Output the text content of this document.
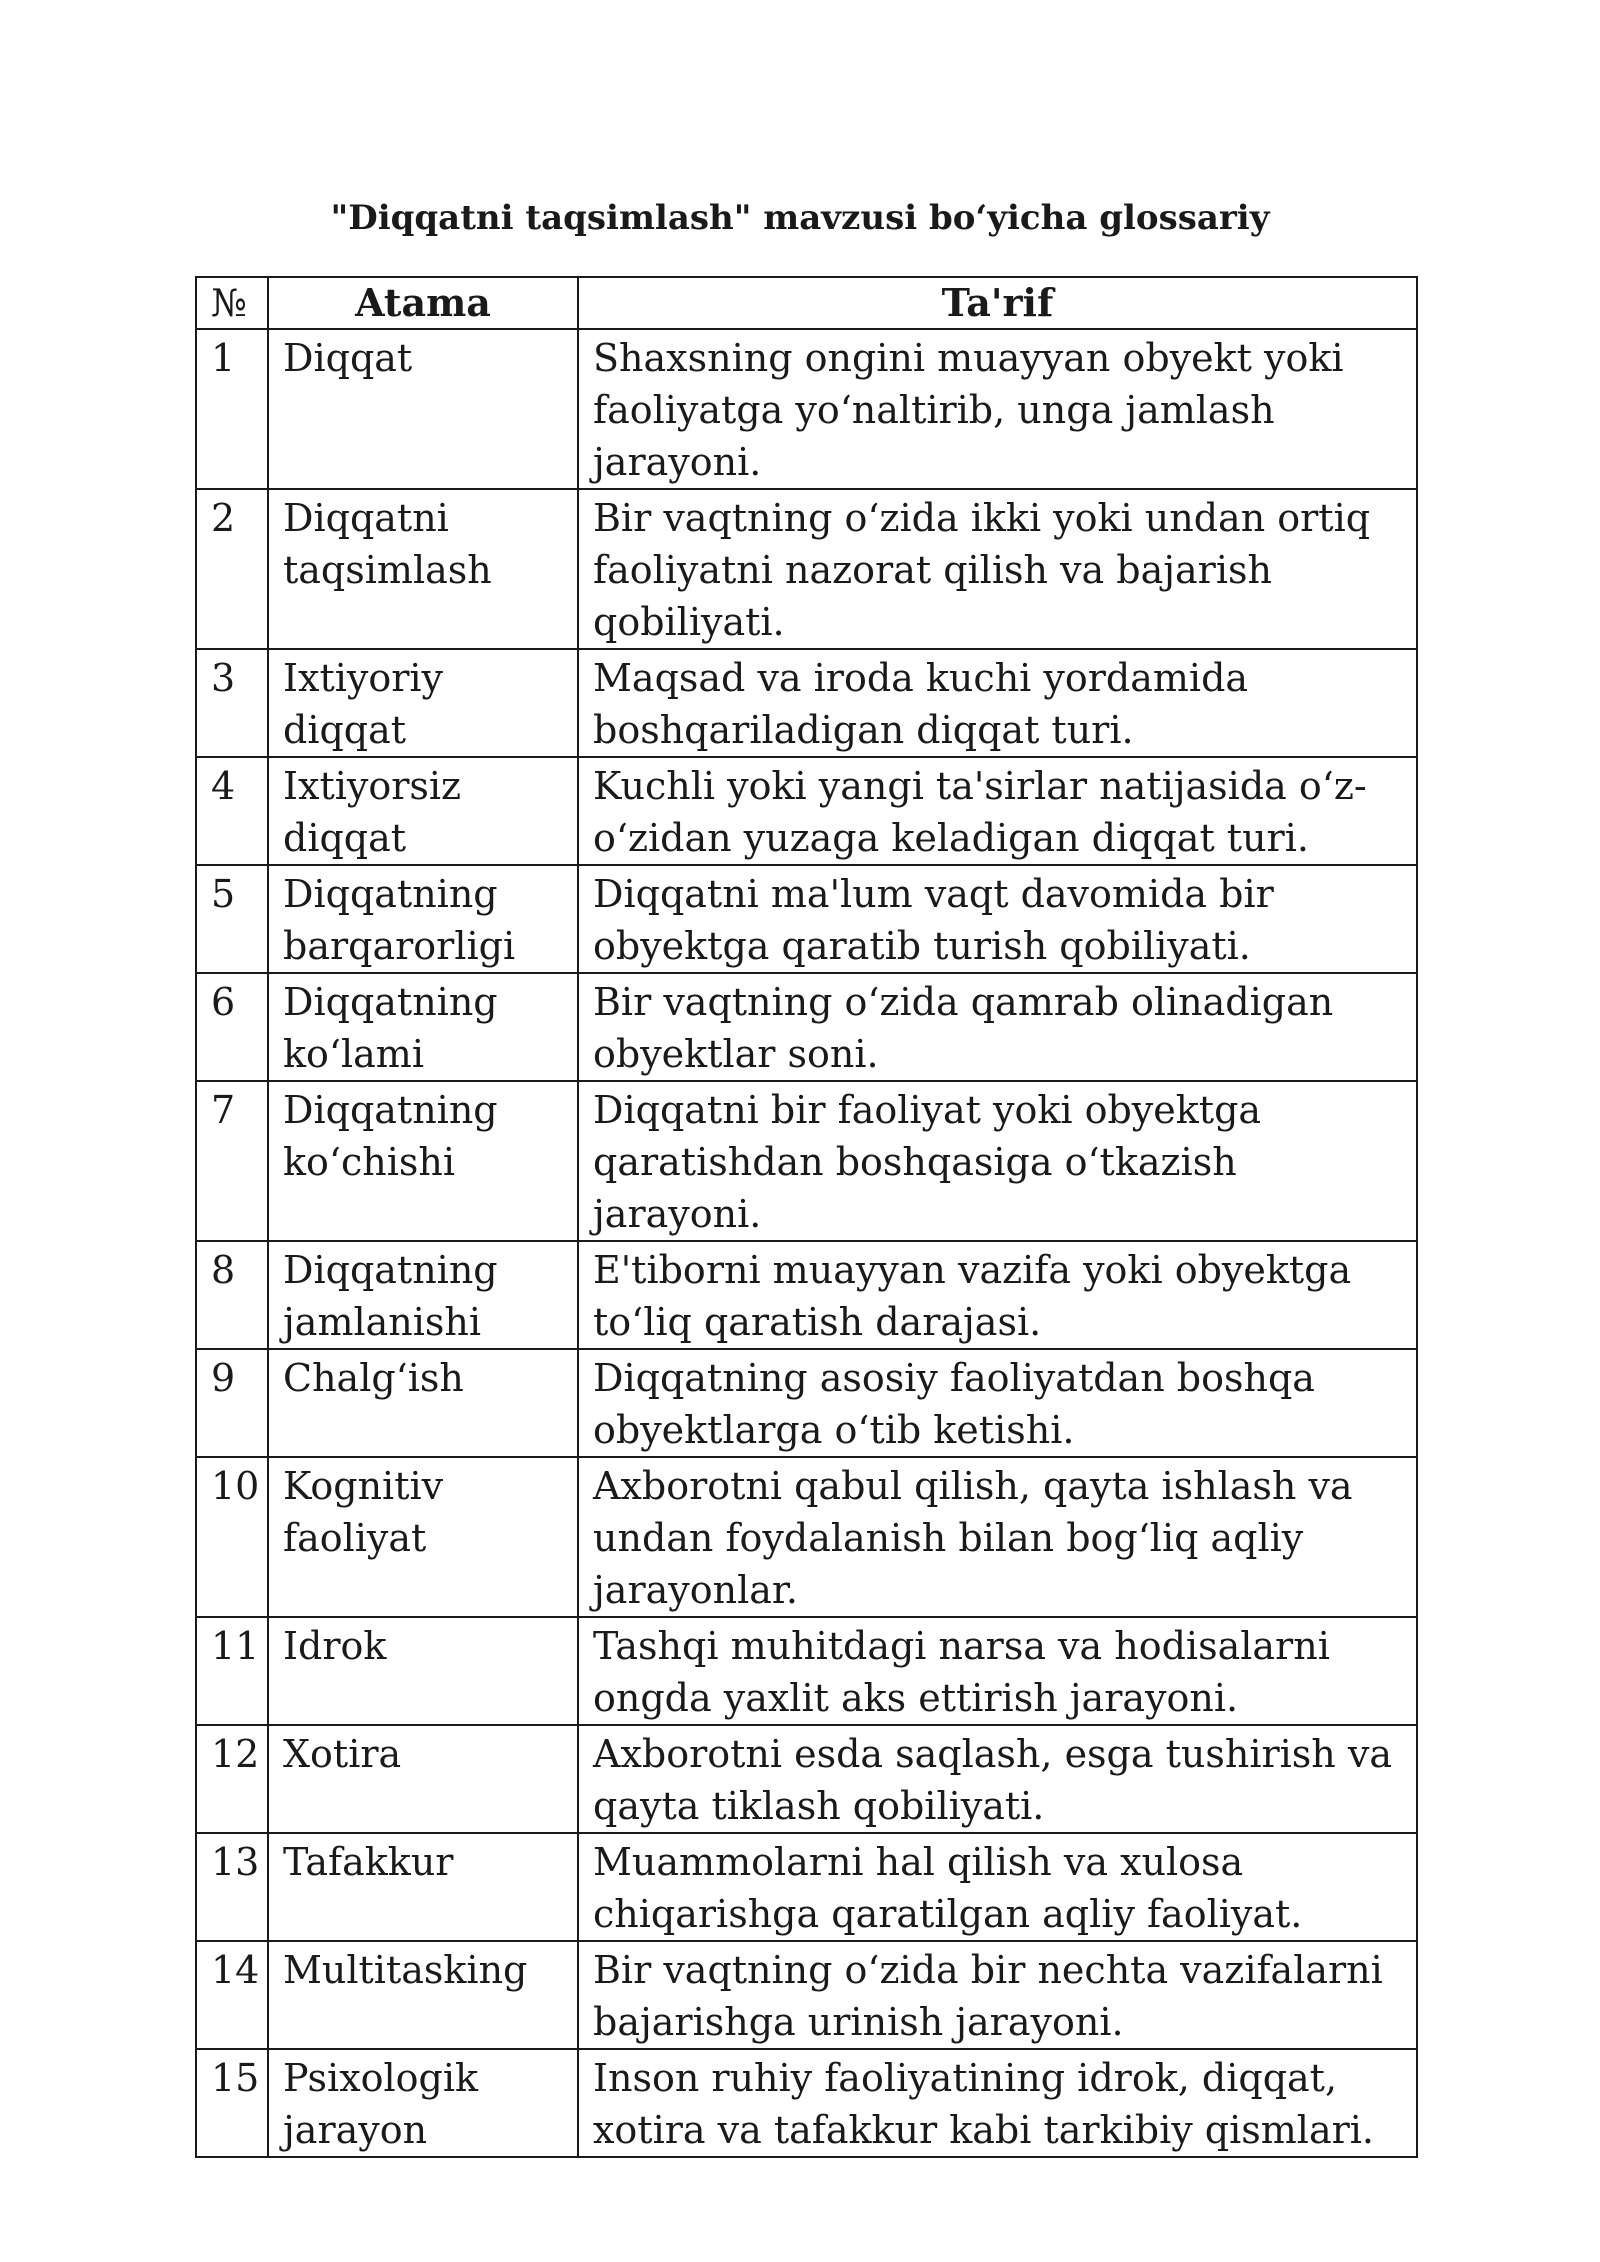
"Diqqatni taqsimlash" mavzusi bo‘yicha glossariy
№	Atama	Ta'rif
1	Diqqat	Shaxsning ongini muayyan obyekt yoki faoliyatga yo‘naltirib, unga jamlash jarayoni.
2	Diqqatni taqsimlash	Bir vaqtning o‘zida ikki yoki undan ortiq faoliyatni nazorat qilish va bajarish qobiliyati.
3	Ixtiyoriy diqqat	Maqsad va iroda kuchi yordamida boshqariladigan diqqat turi.
4	Ixtiyorsiz diqqat	Kuchli yoki yangi ta'sirlar natijasida o‘z-o‘zidan yuzaga keladigan diqqat turi.
5	Diqqatning barqarorligi	Diqqatni ma'lum vaqt davomida bir obyektga qaratib turish qobiliyati.
6	Diqqatning ko‘lami	Bir vaqtning o‘zida qamrab olinadigan obyektlar soni.
7	Diqqatning ko‘chishi	Diqqatni bir faoliyat yoki obyektga qaratishdan boshqasiga o‘tkazish jarayoni.
8	Diqqatning jamlanishi	E'tiborni muayyan vazifa yoki obyektga to‘liq qaratish darajasi.
9	Chalg‘ish	Diqqatning asosiy faoliyatdan boshqa obyektlarga o‘tib ketishi.
10	Kognitiv faoliyat	Axborotni qabul qilish, qayta ishlash va undan foydalanish bilan bog‘liq aqliy jarayonlar.
11	Idrok	Tashqi muhitdagi narsa va hodisalarni ongda yaxlit aks ettirish jarayoni.
12	Xotira	Axborotni esda saqlash, esga tushirish va qayta tiklash qobiliyati.
13	Tafakkur	Muammolarni hal qilish va xulosa chiqarishga qaratilgan aqliy faoliyat.
14	Multitasking	Bir vaqtning o‘zida bir nechta vazifalarni bajarishga urinish jarayoni.
15	Psixologik jarayon	Inson ruhiy faoliyatining idrok, diqqat, xotira va tafakkur kabi tarkibiy qismlari.
